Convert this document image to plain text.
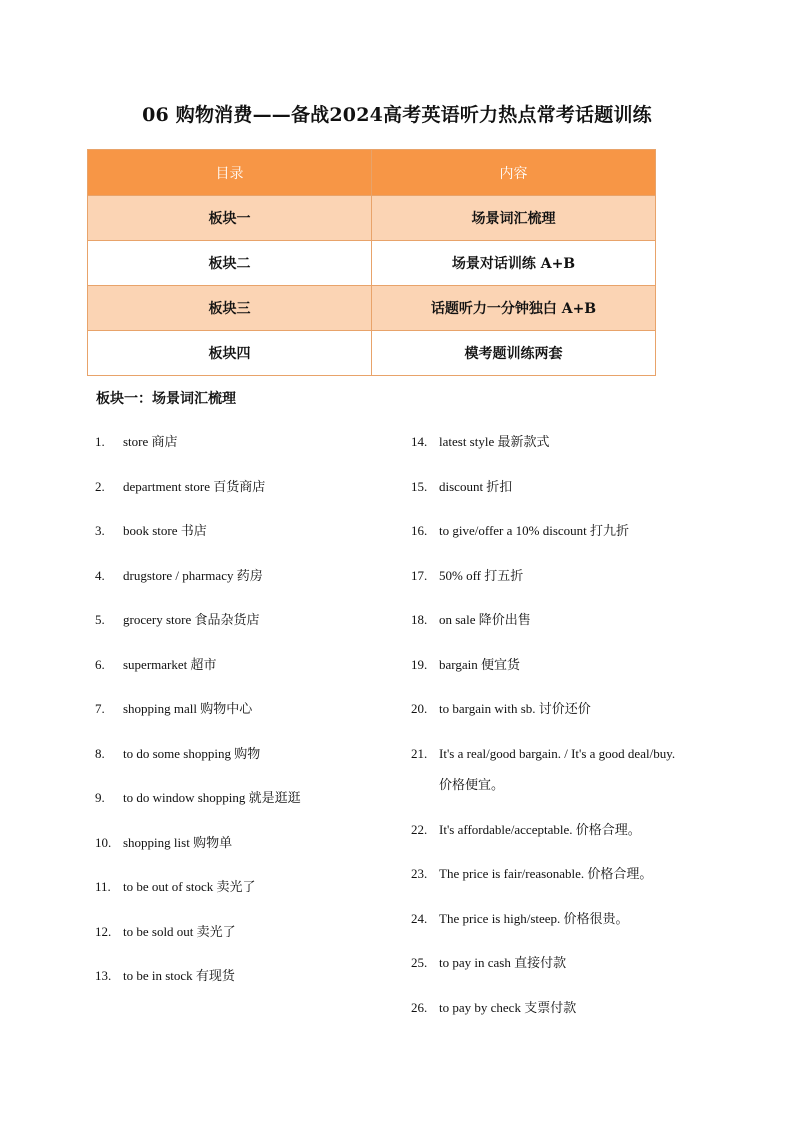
06 购物消费——备战2024高考英语听力热点常考话题训练
目录	内容
板块一	场景词汇梳理
板块二	场景对话训练 A+B
板块三	话题听力一分钟独白 A+B
板块四	模考题训练两套
板块一：场景词汇梳理
1.	store 商店
2.	department store 百货商店
3.	book store 书店
4.	drugstore / pharmacy 药房
5.	grocery store 食品杂货店
6.	supermarket 超市
7.	shopping mall 购物中心
8.	to do some shopping 购物
9.	to do window shopping 就是逛逛
10. shopping list 购物单
11. to be out of stock 卖光了
12. to be sold out 卖光了
13. to be in stock 有现货
14. latest style 最新款式
15. discount 折扣
16. to give/offer a 10% discount 打九折
17. 50% off 打五折
18. on sale 降价出售
19. bargain 便宜货
20. to bargain with sb. 讨价还价
21. It's a real/good bargain. / It's a good deal/buy.
价格便宜。
22. It's affordable/acceptable. 价格合理。
23. The price is fair/reasonable. 价格合理。
24. The price is high/steep. 价格很贵。
25. to pay in cash 直接付款
26. to pay by check 支票付款
